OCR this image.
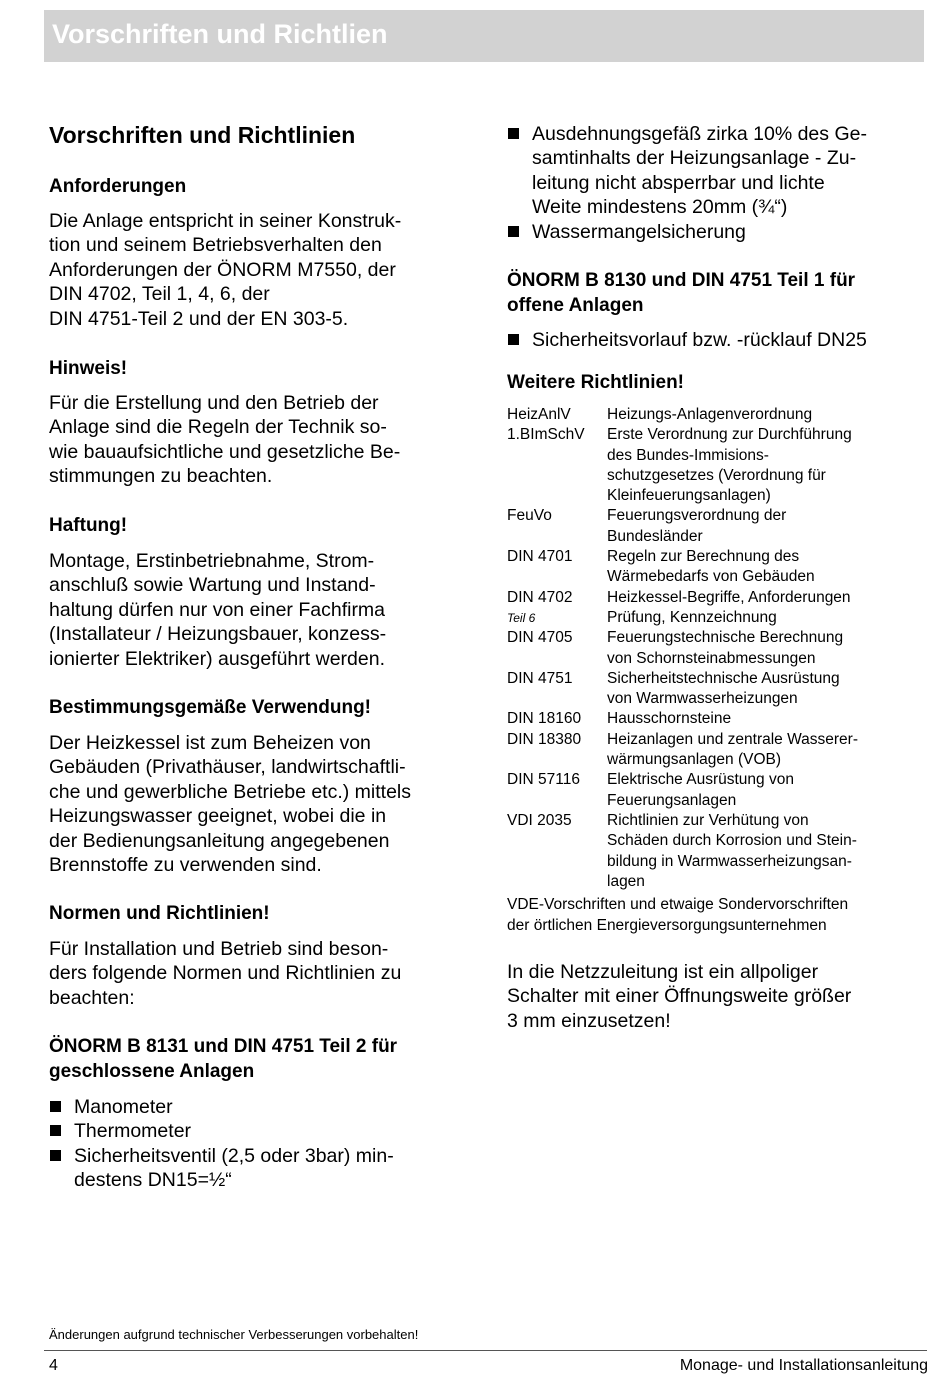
Vorschriften und Richtlien
Vorschriften und Richtlinien
Anforderungen
Die Anlage entspricht in seiner Konstruk-
tion und seinem Betriebsverhalten den
Anforderungen der ÖNORM M7550, der
DIN 4702, Teil 1, 4, 6, der
DIN 4751-Teil 2 und der EN 303-5.
Hinweis!
Für die Erstellung und den Betrieb der
Anlage sind die Regeln der Technik so-
wie bauaufsichtliche und gesetzliche Be-
stimmungen zu beachten.
Haftung!
Montage, Erstinbetriebnahme, Strom-
anschluß sowie Wartung und Instand-
haltung dürfen nur von einer Fachfirma
(Installateur / Heizungsbauer, konzess-
ionierter Elektriker) ausgeführt werden.
Bestimmungsgemäße Verwendung!
Der Heizkessel ist zum Beheizen von
Gebäuden (Privathäuser, landwirtschaftli-
che und gewerbliche Betriebe etc.) mittels
Heizungswasser geeignet, wobei die in
der Bedienungsanleitung angegebenen
Brennstoffe zu verwenden sind.
Normen und Richtlinien!
Für Installation und Betrieb sind beson-
ders folgende Normen und Richtlinien zu
beachten:
ÖNORM B 8131 und DIN 4751 Teil 2 für
geschlossene Anlagen
Manometer
Thermometer
Sicherheitsventil (2,5 oder 3bar) min-
destens DN15=½“
Ausdehnungsgefäß zirka 10% des Ge-
samtinhalts der Heizungsanlage - Zu-
leitung nicht absperrbar und lichte
Weite mindestens 20mm (¾“)
Wassermangelsicherung
ÖNORM B 8130 und DIN 4751 Teil 1 für
offene Anlagen
Sicherheitsvorlauf bzw. -rücklauf DN25
Weitere Richtlinien!
HeizAnlV Heizungs-Anlagenverordnung
1.BImSchV Erste Verordnung zur Durchführung
des Bundes-Immisions-
schutzgesetzes (Verordnung für
Kleinfeuerungsanlagen)
FeuVo	Feuerungsverordnung der
Bundesländer
DIN 4701 Regeln zur Berechnung des
Wärmebedarfs von Gebäuden
DIN 4702 Heizkessel-Begriffe, Anforderungen
Teil 6	Prüfung, Kennzeichnung
DIN 4705 Feuerungstechnische Berechnung
von Schornsteinabmessungen
DIN 4751 Sicherheitstechnische Ausrüstung
von Warmwasserheizungen
DIN 18160 Hausschornsteine
DIN 18380 Heizanlagen und zentrale Wasserer-
wärmungsanlagen (VOB)
DIN 57116 Elektrische Ausrüstung von
Feuerungsanlagen
VDI 2035 Richtlinien zur Verhütung von
Schäden durch Korrosion und Stein-
bildung in Warmwasserheizungsan-
lagen
VDE-Vorschriften und etwaige Sondervorschriften
der örtlichen Energieversorgungsunternehmen
In die Netzzuleitung ist ein allpoliger
Schalter mit einer Öffnungsweite größer
3 mm einzusetzen!
Änderungen aufgrund technischer Verbesserungen vorbehalten!
4	Monage- und Installationsanleitung
